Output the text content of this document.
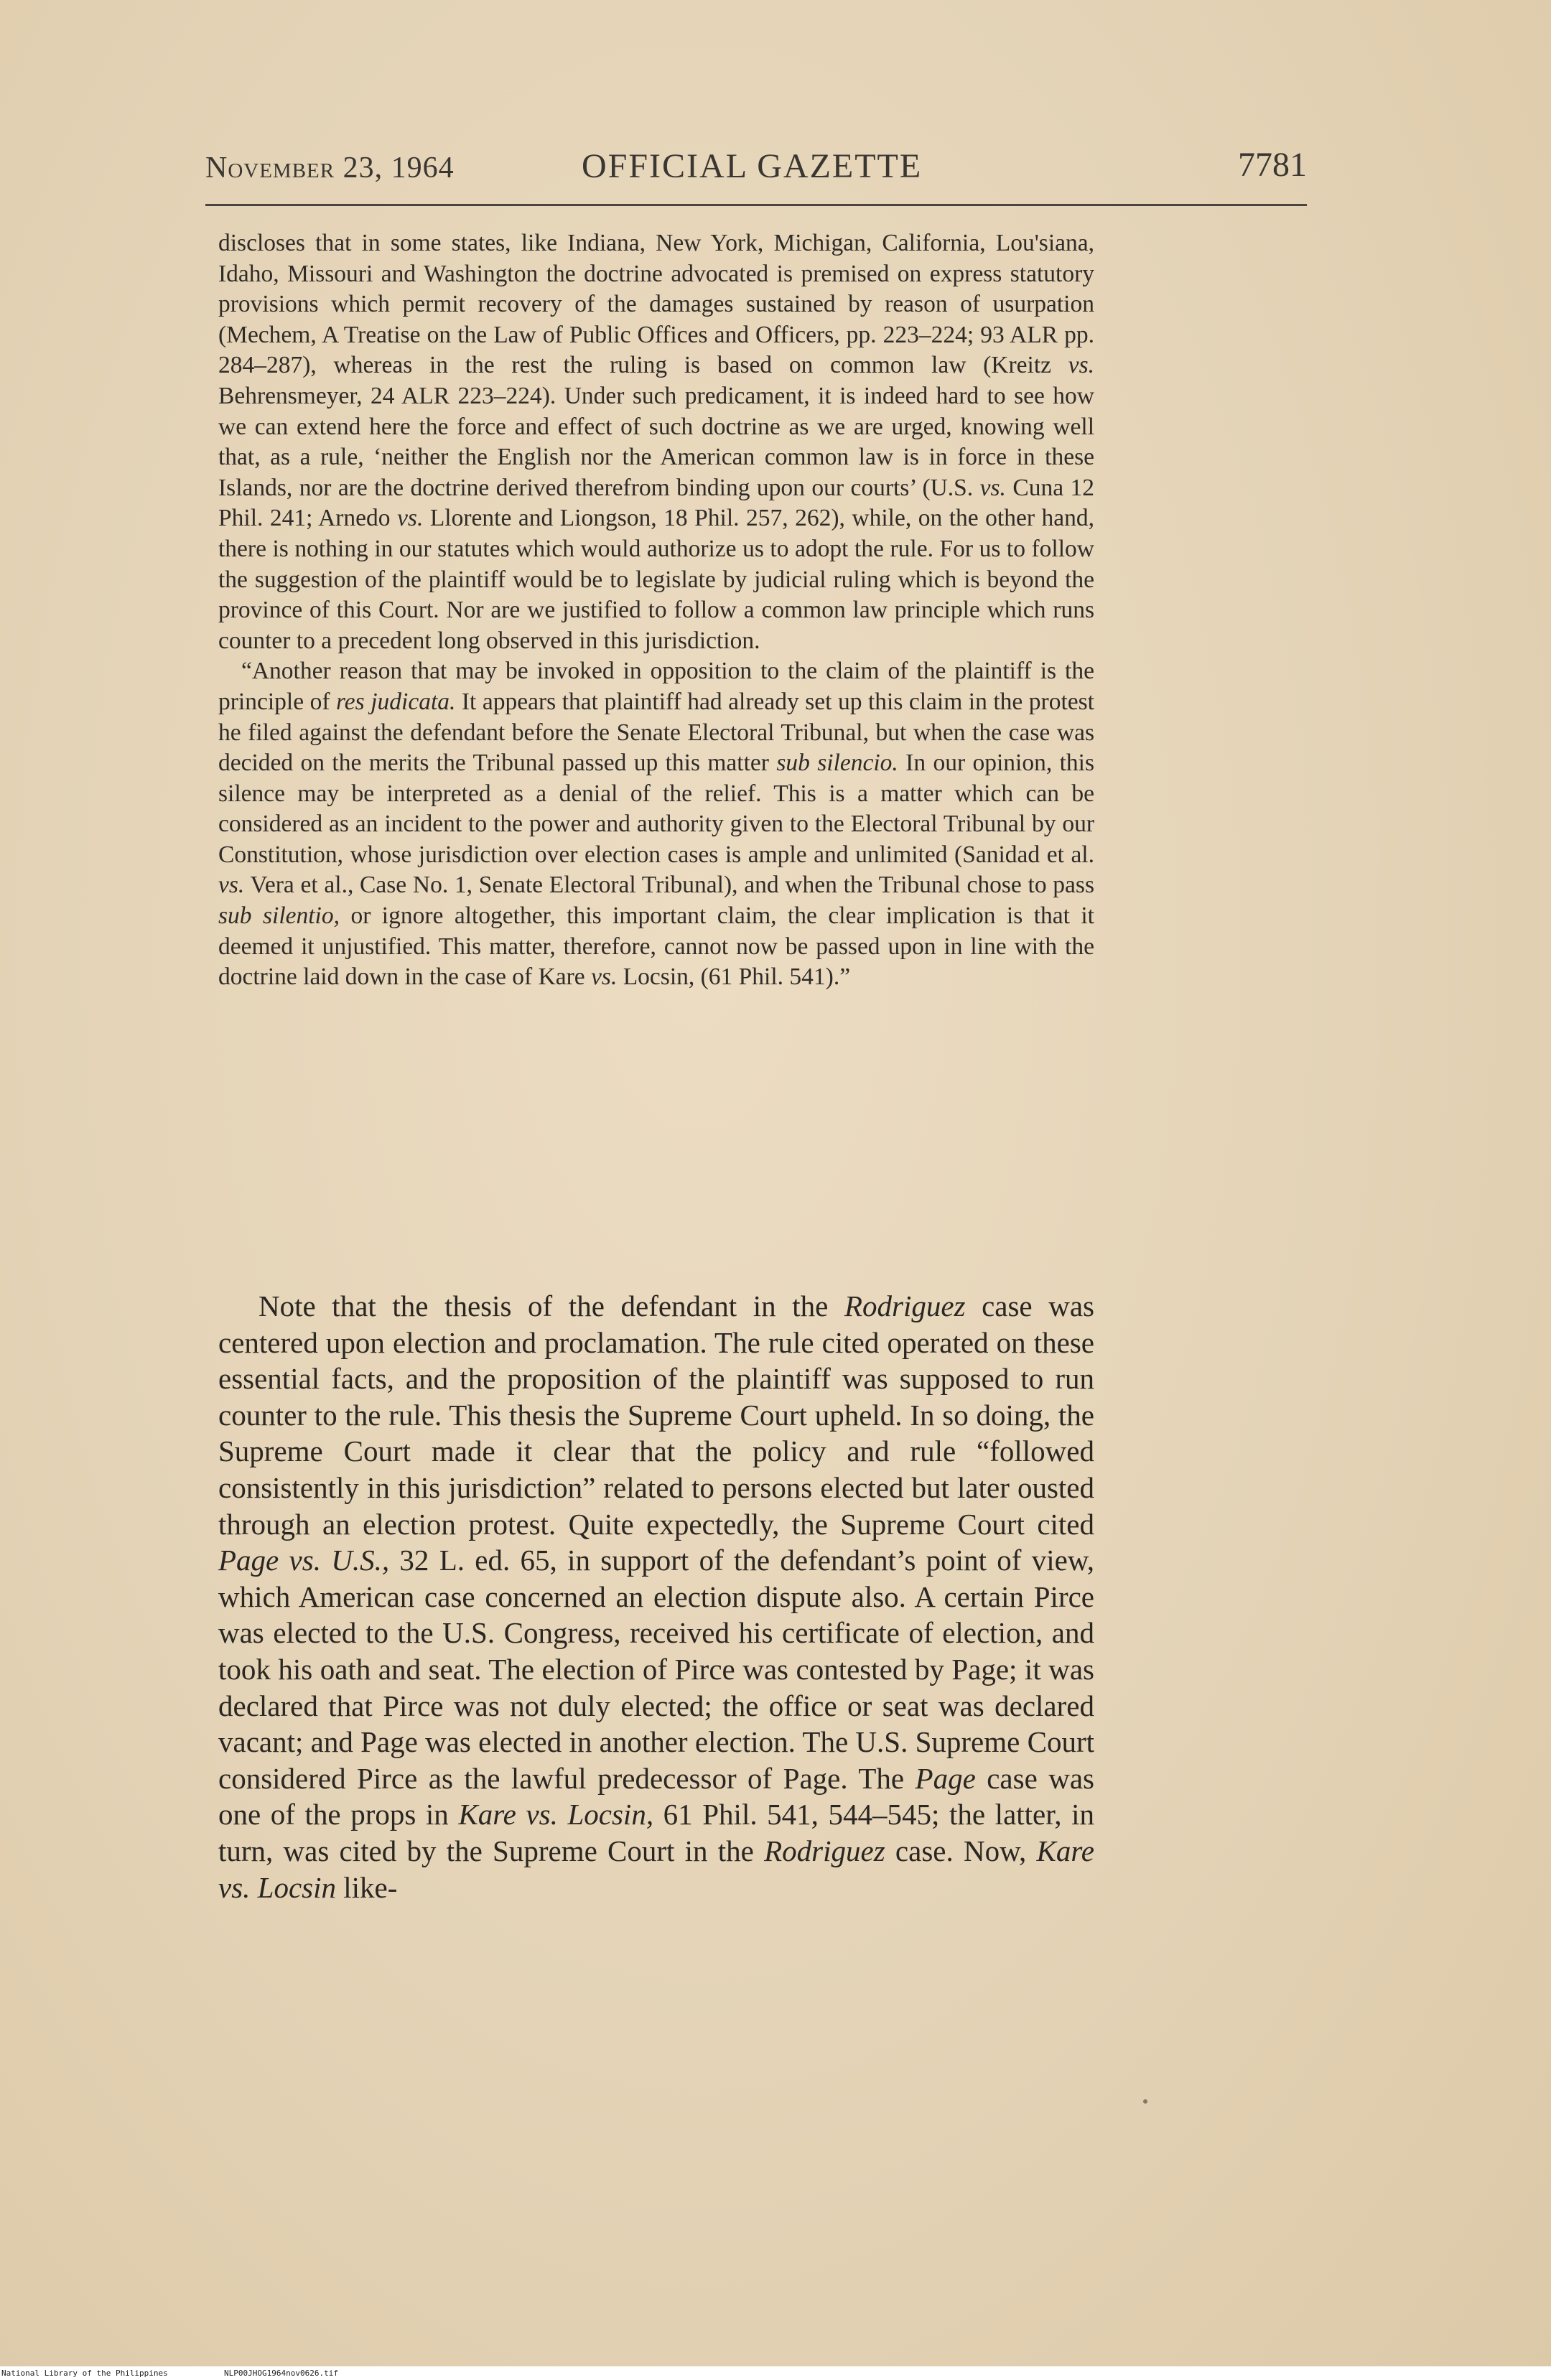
November 23, 1964	OFFICIAL GAZETTE	7781

discloses that in some states, like Indiana, New York, Michigan, California, Lou'siana, Idaho, Missouri and Washington the doctrine advocated is premised on express statutory provisions which permit recovery of the damages sustained by reason of usurpation (Mechem, A Treatise on the Law of Public Offices and Officers, pp. 223–224; 93 ALR pp. 284–287), whereas in the rest the ruling is based on common law (Kreitz vs. Behrensmeyer, 24 ALR 223–224). Under such predicament, it is indeed hard to see how we can extend here the force and effect of such doctrine as we are urged, knowing well that, as a rule, ‘neither the English nor the American common law is in force in these Islands, nor are the doctrine derived therefrom binding upon our courts’ (U.S. vs. Cuna 12 Phil. 241; Arnedo vs. Llorente and Liongson, 18 Phil. 257, 262), while, on the other hand, there is nothing in our statutes which would authorize us to adopt the rule. For us to follow the suggestion of the plaintiff would be to legislate by judicial ruling which is beyond the province of this Court. Nor are we justified to follow a common law principle which runs counter to a precedent long observed in this jurisdiction.

“Another reason that may be invoked in opposition to the claim of the plaintiff is the principle of res judicata. It appears that plaintiff had already set up this claim in the protest he filed against the defendant before the Senate Electoral Tribunal, but when the case was decided on the merits the Tribunal passed up this matter sub silencio. In our opinion, this silence may be interpreted as a denial of the relief. This is a matter which can be considered as an incident to the power and authority given to the Electoral Tribunal by our Constitution, whose jurisdiction over election cases is ample and unlimited (Sanidad et al. vs. Vera et al., Case No. 1, Senate Electoral Tribunal), and when the Tribunal chose to pass sub silentio, or ignore altogether, this important claim, the clear implication is that it deemed it unjustified. This matter, therefore, cannot now be passed upon in line with the doctrine laid down in the case of Kare vs. Locsin, (61 Phil. 541).”

Note that the thesis of the defendant in the Rodriguez case was centered upon election and proclamation. The rule cited operated on these essential facts, and the proposition of the plaintiff was supposed to run counter to the rule. This thesis the Supreme Court upheld. In so doing, the Supreme Court made it clear that the policy and rule “followed consistently in this jurisdiction” related to persons elected but later ousted through an election protest. Quite expectedly, the Supreme Court cited Page vs. U.S., 32 L. ed. 65, in support of the defendant’s point of view, which American case concerned an election dispute also. A certain Pirce was elected to the U.S. Congress, received his certificate of election, and took his oath and seat. The election of Pirce was contested by Page; it was declared that Pirce was not duly elected; the office or seat was declared vacant; and Page was elected in another election. The U.S. Supreme Court considered Pirce as the lawful predecessor of Page. The Page case was one of the props in Kare vs. Locsin, 61 Phil. 541, 544–545; the latter, in turn, was cited by the Supreme Court in the Rodriguez case. Now, Kare vs. Locsin like-

National Library of the Philippines	NLP00JHOG1964nov0626.tif
